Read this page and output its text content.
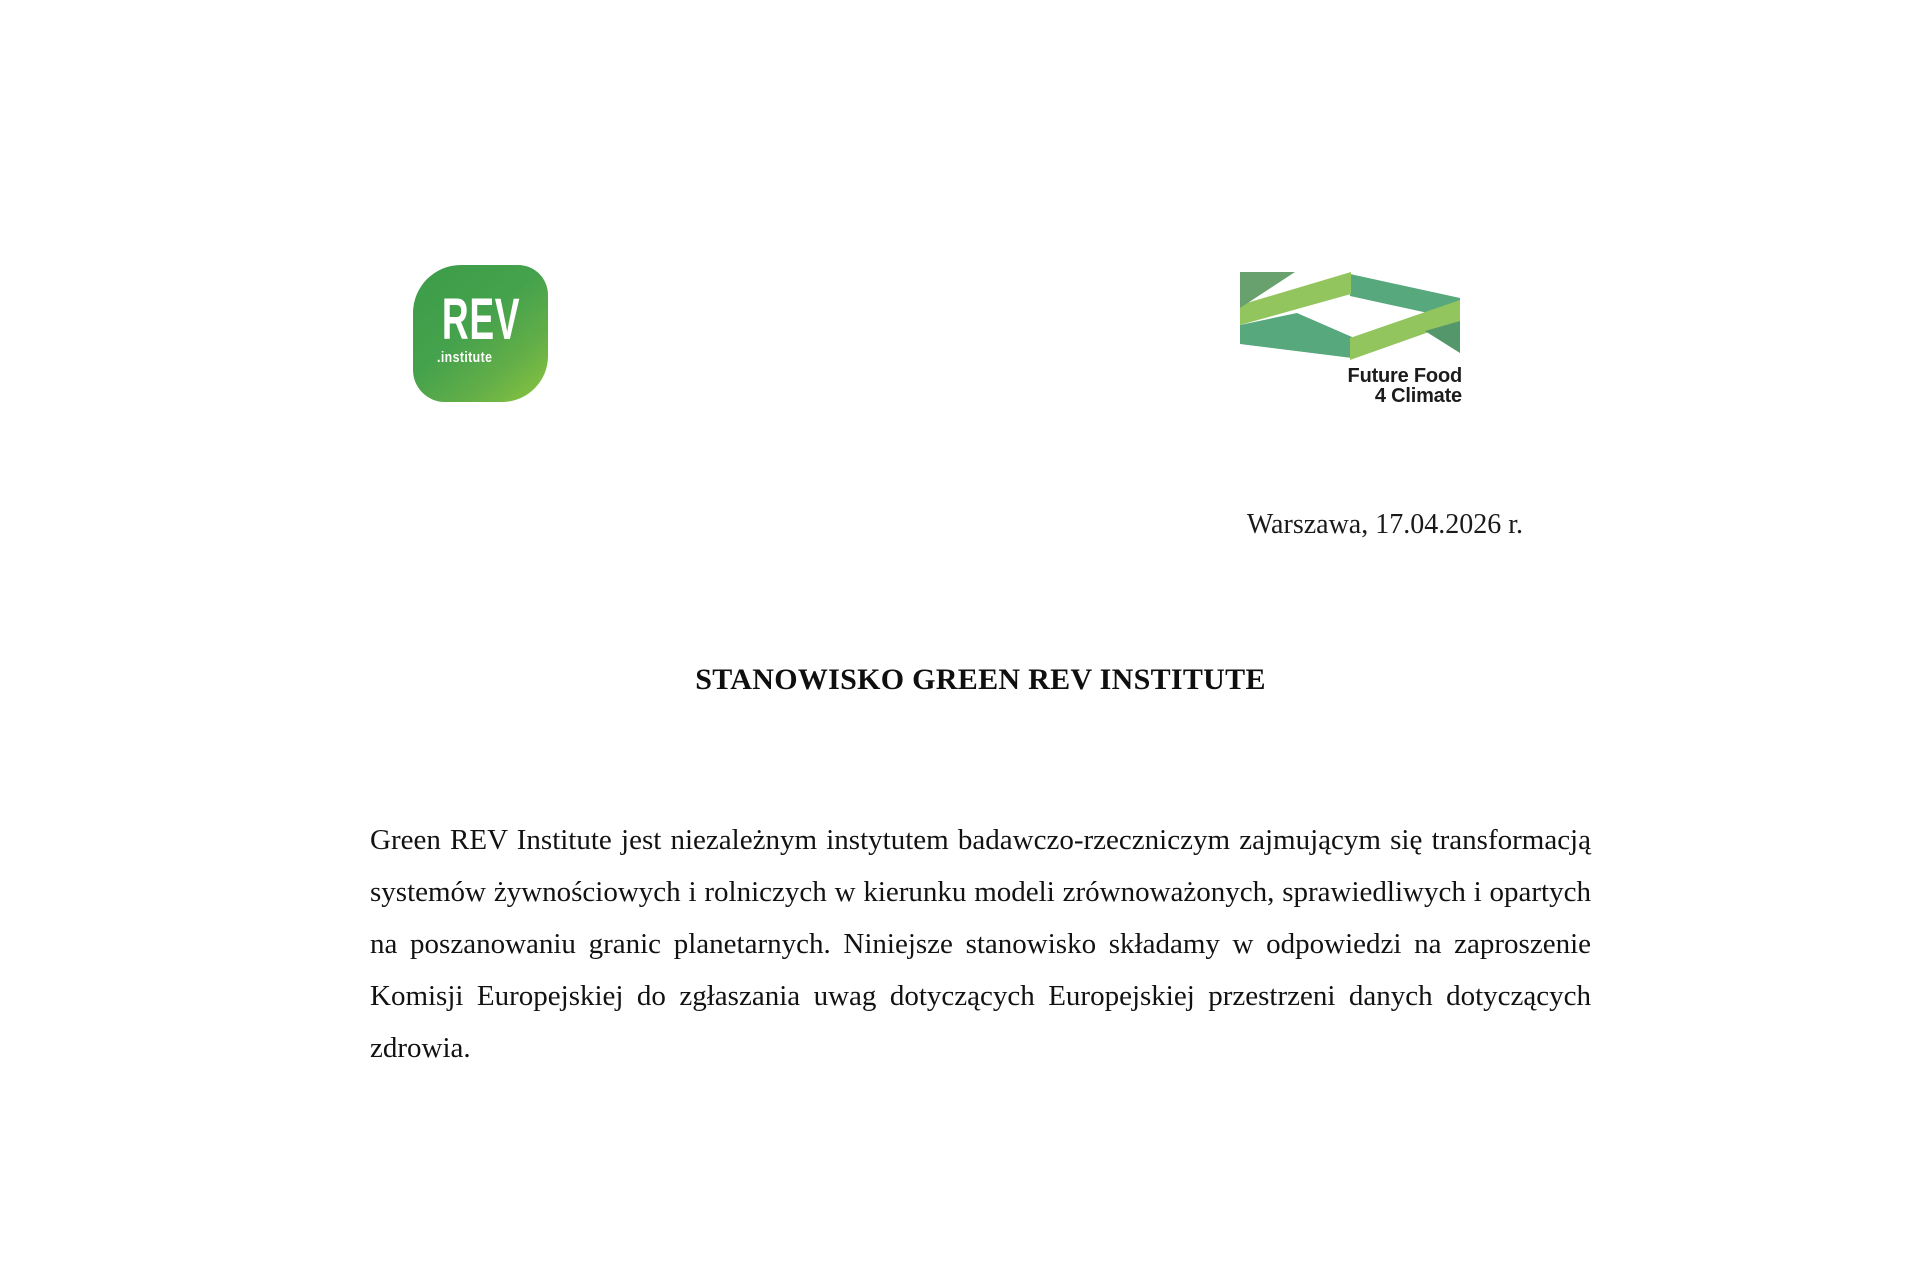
REV
.institute
Future Food
4 Climate
Warszawa, 17.04.2026 r.
STANOWISKO GREEN REV INSTITUTE
Green REV Institute jest niezależnym instytutem badawczo-rzeczniczym zajmującym się transformacją systemów żywnościowych i rolniczych w kierunku modeli zrównoważonych, sprawiedliwych i opartych na poszanowaniu granic planetarnych. Niniejsze stanowisko składamy w odpowiedzi na zaproszenie Komisji Europejskiej do zgłaszania uwag dotyczących Europejskiej przestrzeni danych dotyczących zdrowia.
